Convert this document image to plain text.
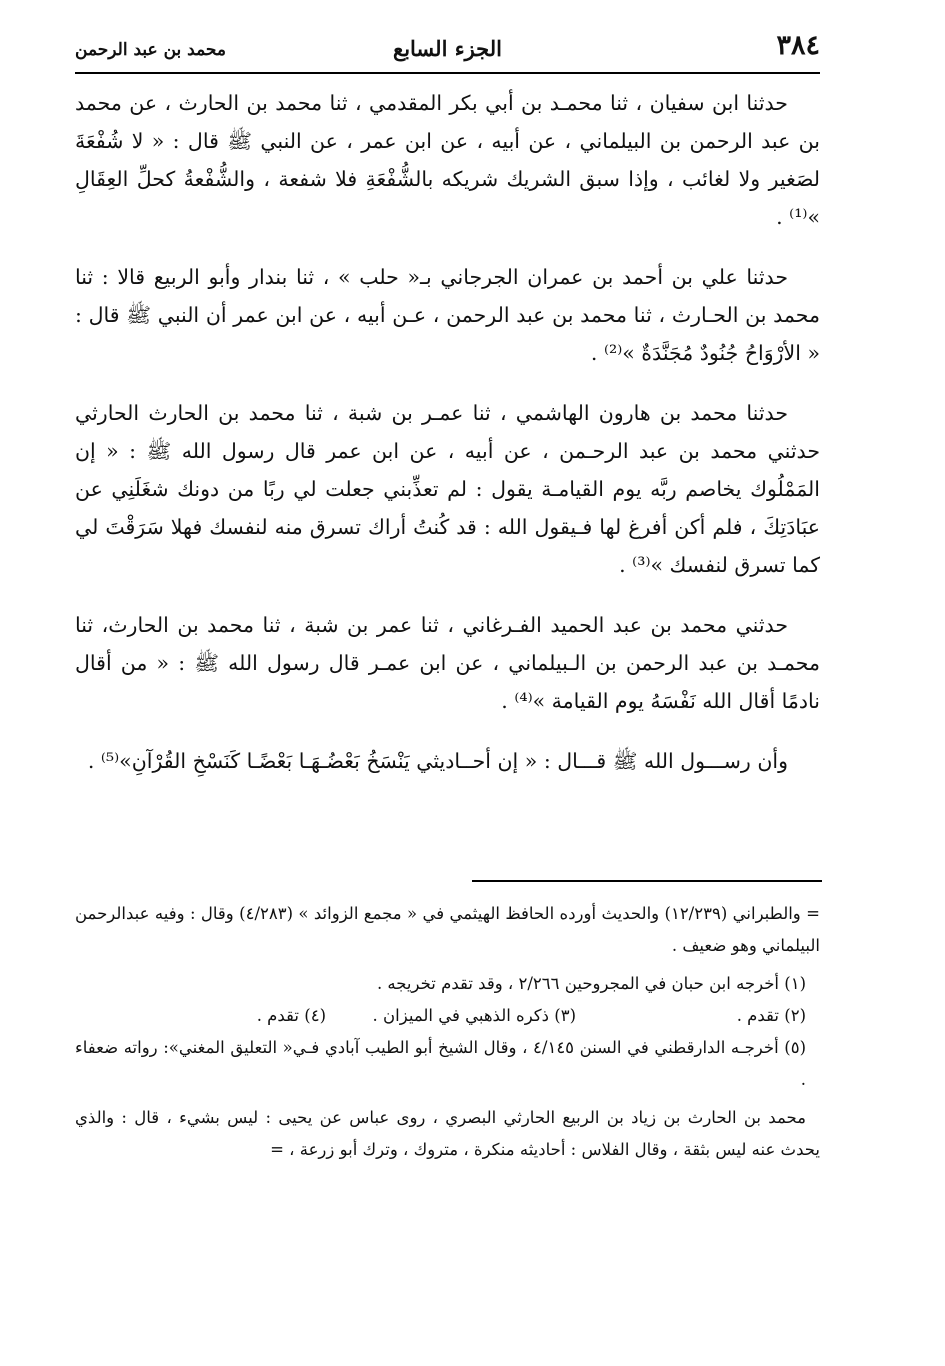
٣٨٤
الجزء السابع
محمد بن عبد الرحمن

حدثنا ابن سفيان ، ثنا محمـد بن أبي بكر المقدمي ، ثنا محمد بن الحارث ، عن محمد بن عبد الرحمن بن البيلماني ، عن أبيه ، عن ابن عمر ، عن النبي ﷺ قال : « لا شُفْعَةَ لصَغير ولا لغائب ، وإذا سبق الشريك شريكه بالشُّفْعَةِ فلا شفعة ، والشُّفْعةُ كحلِّ العِقَالِ »⁽¹⁾ .

حدثنا علي بن أحمد بن عمران الجرجاني بـ« حلب » ، ثنا بندار وأبو الربيع قالا : ثنا محمد بن الحـارث ، ثنا محمد بن عبد الرحمن ، عـن أبيه ، عن ابن عمر أن النبي ﷺ قال : « الأرْوَاحُ جُنُودٌ مُجَنَّدَةٌ »⁽²⁾ .

حدثنا محمد بن هارون الهاشمي ، ثنا عمـر بن شبة ، ثنا محمد بن الحارث الحارثي حدثني محمد بن عبد الرحـمن ، عن أبيه ، عن ابن عمر قال رسول الله ﷺ : « إن المَمْلُوك يخاصم ربَّه يوم القيامـة يقول : لم تعذِّبني جعلت لي ربًا من دونك شغَلَنِي عن عبَادَتِكَ ، فلم أكن أفرغ لها فـيقول الله : قد كُنتُ أراك تسرق منه لنفسك فهلا سَرَقْتَ لي كما تسرق لنفسك »⁽³⁾ .

حدثني محمد بن عبد الحميد الفـرغاني ، ثنا عمر بن شبة ، ثنا محمد بن الحارث، ثنا محمـد بن عبد الرحمن بن الـبيلماني ، عن ابن عمـر قال رسول الله ﷺ : « من أقال نادمًا أقال الله نَفْسَهُ يوم القيامة »⁽⁴⁾ .

وأن رســـول الله ﷺ قـــال : « إن أحــاديثي يَنْسَخُ بَعْضُـهَـا بَعْضًـا كَنَسْخِ القُرْآنِ»⁽⁵⁾ .

= والطبراني (١٢/٢٣٩) والحديث أورده الحافظ الهيثمي في « مجمع الزوائد » (٤/٢٨٣) وقال : وفيه عبدالرحمن البيلماني وهو ضعيف .

(١) أخرجه ابن حبان في المجروحين ٢/٢٦٦ ، وقد تقدم تخريجه .

(٢) تقدم .
(٣) ذكره الذهبي في الميزان .
(٤) تقدم .

(٥) أخرجـه الدارقطني في السنن ٤/١٤٥ ، وقال الشيخ أبو الطيب آبادي فـي« التعليق المغني»: رواته ضعفاء .

محمد بن الحارث بن زياد بن الربيع الحارثي البصري ، روى عباس عن يحيى : ليس بشيء ، قال : والذي يحدث عنه ليس بثقة ، وقال الفلاس : أحاديثه منكرة ، متروك ، وترك أبو زرعة ، =
